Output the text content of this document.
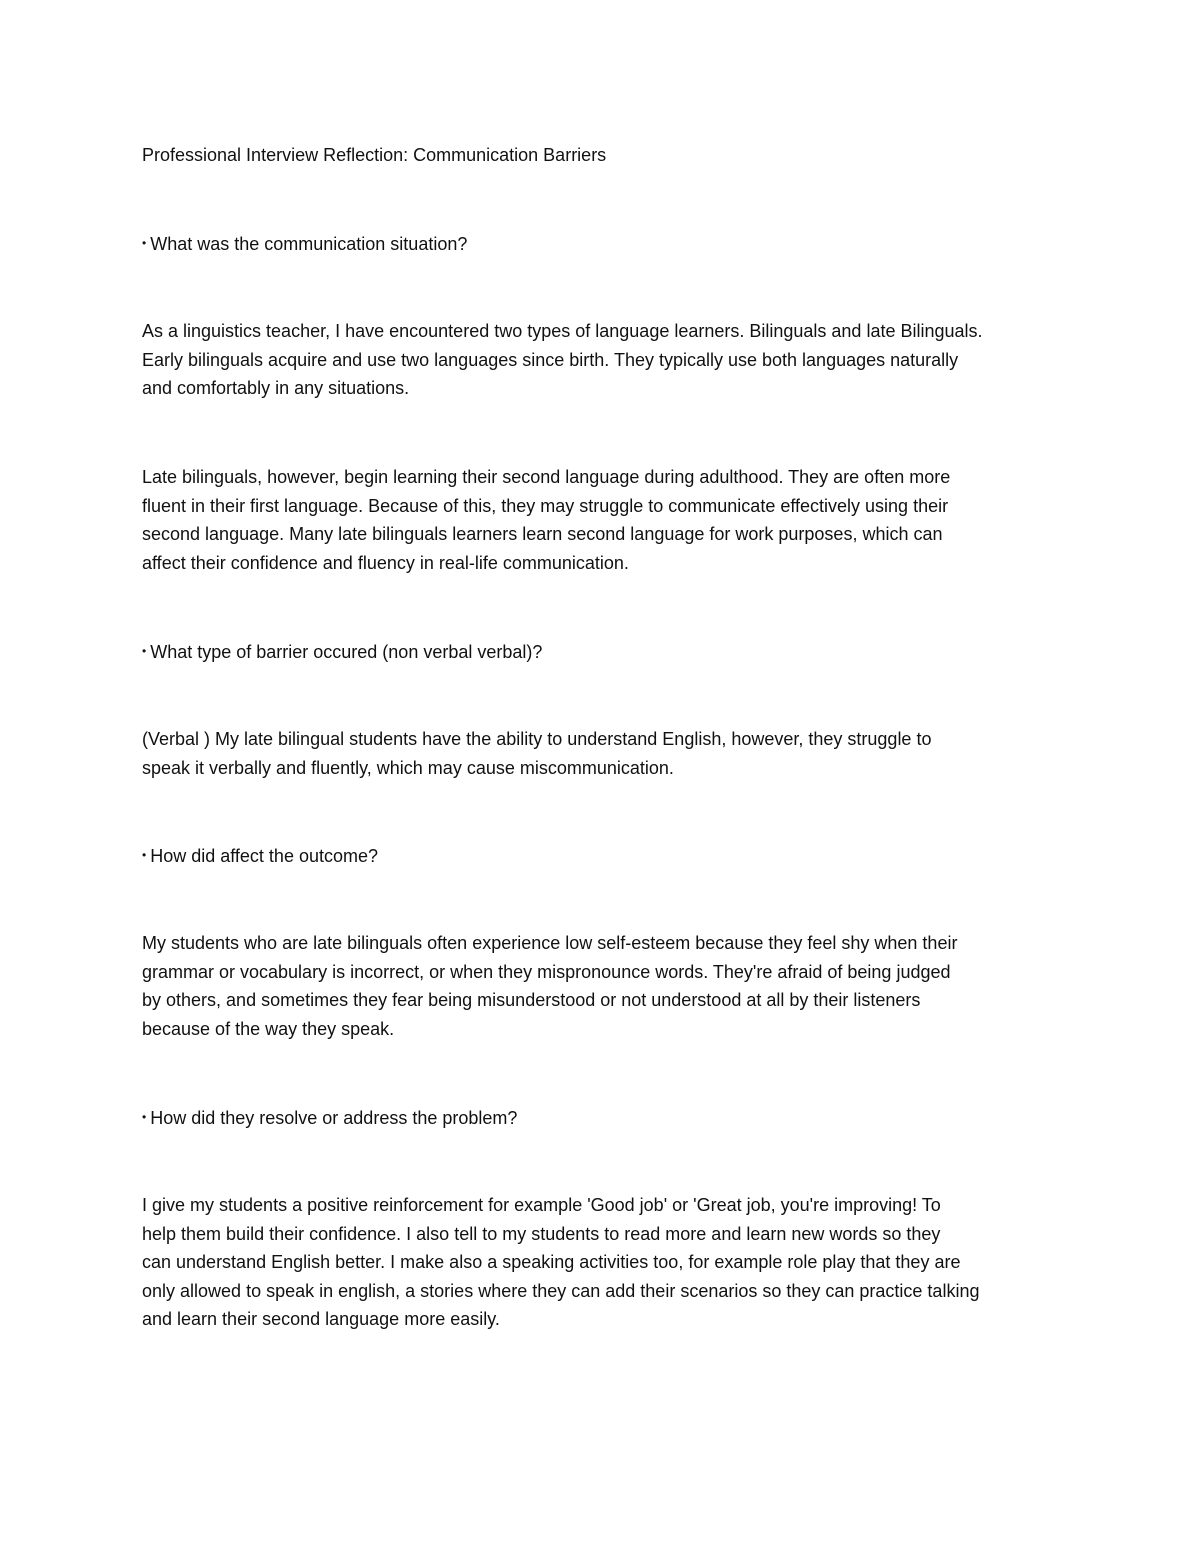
Professional Interview Reflection: Communication Barriers

• What was the communication situation?

As a linguistics teacher, I have encountered two types of language learners. Bilinguals and late Bilinguals.
Early bilinguals acquire and use two languages since birth. They typically use both languages naturally
and comfortably in any situations.

Late bilinguals, however, begin learning their second language during adulthood. They are often more
fluent in their first language. Because of this, they may struggle to communicate effectively using their
second language. Many late bilinguals learners learn second language for work purposes, which can
affect their confidence and fluency in real-life communication.

• What type of barrier occured (non verbal verbal)?

(Verbal ) My late bilingual students have the ability to understand English, however, they struggle to
speak it verbally and fluently, which may cause miscommunication.

• How did affect the outcome?

My students who are late bilinguals often experience low self-esteem because they feel shy when their
grammar or vocabulary is incorrect, or when they mispronounce words. They're afraid of being judged
by others, and sometimes they fear being misunderstood or not understood at all by their listeners
because of the way they speak.

• How did they resolve or address the problem?

I give my students a positive reinforcement for example 'Good job' or 'Great job, you're improving! To
help them build their confidence. I also tell to my students to read more and learn new words so they
can understand English better. I make also a speaking activities too, for example role play that they are
only allowed to speak in english, a stories where they can add their scenarios so they can practice talking
and learn their second language more easily.
